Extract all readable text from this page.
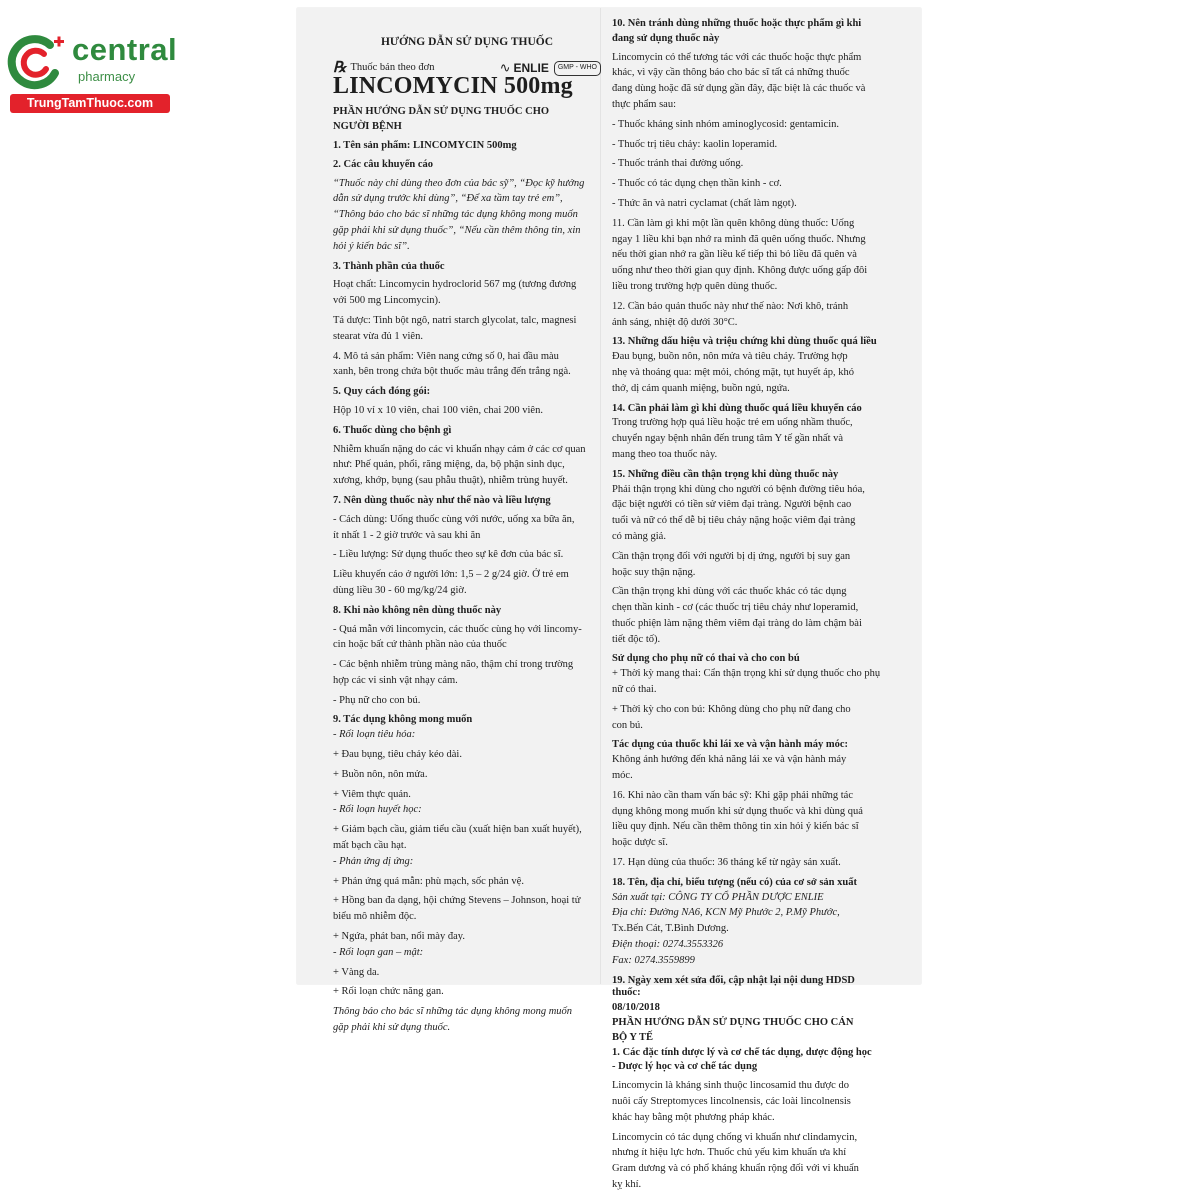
central
pharmacy
TrungTamThuoc.com
HƯỚNG DẪN SỬ DỤNG THUỐC
℞ Thuốc bán theo đơn	∿ ENLIE	GMP - WHO
LINCOMYCIN 500mg
PHẦN HƯỚNG DẪN SỬ DỤNG THUỐC CHO
NGƯỜI BỆNH
1. Tên sản phẩm: LINCOMYCIN 500mg
2. Các câu khuyến cáo
“Thuốc này chỉ dùng theo đơn của bác sỹ”, “Đọc kỹ hướng
dẫn sử dụng trước khi dùng”, “Để xa tầm tay trẻ em”,
“Thông báo cho bác sĩ những tác dụng không mong muốn
gặp phải khi sử dụng thuốc”, “Nếu cần thêm thông tin, xin
hỏi ý kiến bác sĩ”.
3. Thành phần của thuốc
Hoạt chất: Lincomycin hydroclorid 567 mg (tương đương
với 500 mg Lincomycin).
Tá dược: Tinh bột ngô, natri starch glycolat, talc, magnesi
stearat vừa đủ 1 viên.
4. Mô tả sản phẩm: Viên nang cứng số 0, hai đầu màu
xanh, bên trong chứa bột thuốc màu trắng đến trắng ngà.
5. Quy cách đóng gói:
Hộp 10 vỉ x 10 viên, chai 100 viên, chai 200 viên.
6. Thuốc dùng cho bệnh gì
Nhiễm khuẩn nặng do các vi khuẩn nhạy cảm ở các cơ quan
như: Phế quản, phổi, răng miệng, da, bộ phận sinh dục,
xương, khớp, bụng (sau phẫu thuật), nhiễm trùng huyết.
7. Nên dùng thuốc này như thế nào và liều lượng
- Cách dùng: Uống thuốc cùng với nước, uống xa bữa ăn,
ít nhất 1 - 2 giờ trước và sau khi ăn
- Liều lượng: Sử dụng thuốc theo sự kê đơn của bác sĩ.
Liều khuyến cáo ở người lớn: 1,5 – 2 g/24 giờ. Ở trẻ em
dùng liều 30 - 60 mg/kg/24 giờ.
8. Khi nào không nên dùng thuốc này
- Quá mẫn với lincomycin, các thuốc cùng họ với lincomy-
cin hoặc bất cứ thành phần nào của thuốc
- Các bệnh nhiễm trùng màng não, thậm chí trong trường
hợp các vi sinh vật nhạy cảm.
- Phụ nữ cho con bú.
9. Tác dụng không mong muốn
- Rối loạn tiêu hóa:
+ Đau bụng, tiêu chảy kéo dài.
+ Buồn nôn, nôn mửa.
+ Viêm thực quản.
- Rối loạn huyết học:
+ Giảm bạch cầu, giảm tiểu cầu (xuất hiện ban xuất huyết),
mất bạch cầu hạt.
- Phản ứng dị ứng:
+ Phản ứng quá mẫn: phù mạch, sốc phản vệ.
+ Hồng ban đa dạng, hội chứng Stevens – Johnson, hoại tử
biểu mô nhiễm độc.
+ Ngứa, phát ban, nổi mày đay.
- Rối loạn gan – mật:
+ Vàng da.
+ Rối loạn chức năng gan.
Thông báo cho bác sĩ những tác dụng không mong muốn
gặp phải khi sử dụng thuốc.
10. Nên tránh dùng những thuốc hoặc thực phẩm gì khi
đang sử dụng thuốc này
Lincomycin có thể tương tác với các thuốc hoặc thực phẩm
khác, vì vậy cần thông báo cho bác sĩ tất cả những thuốc
đang dùng hoặc đã sử dụng gần đây, đặc biệt là các thuốc và
thực phẩm sau:
- Thuốc kháng sinh nhóm aminoglycosid: gentamicin.
- Thuốc trị tiêu chảy: kaolin loperamid.
- Thuốc tránh thai đường uống.
- Thuốc có tác dụng chẹn thần kinh - cơ.
- Thức ăn và natri cyclamat (chất làm ngọt).
11. Cần làm gì khi một lần quên không dùng thuốc: Uống
ngay 1 liều khi bạn nhớ ra mình đã quên uống thuốc. Nhưng
nếu thời gian nhớ ra gần liều kế tiếp thì bỏ liều đã quên và
uống như theo thời gian quy định. Không được uống gấp đôi
liều trong trường hợp quên dùng thuốc.
12. Cần bảo quản thuốc này như thế nào: Nơi khô, tránh
ánh sáng, nhiệt độ dưới 30°C.
13. Những dấu hiệu và triệu chứng khi dùng thuốc quá liều
Đau bụng, buồn nôn, nôn mửa và tiêu chảy. Trường hợp
nhẹ và thoáng qua: mệt mỏi, chóng mặt, tụt huyết áp, khó
thở, dị cảm quanh miệng, buồn ngủ, ngứa.
14. Cần phải làm gì khi dùng thuốc quá liều khuyến cáo
Trong trường hợp quá liều hoặc trẻ em uống nhầm thuốc,
chuyển ngay bệnh nhân đến trung tâm Y tế gần nhất và
mang theo toa thuốc này.
15. Những điều cần thận trọng khi dùng thuốc này
Phải thận trọng khi dùng cho người có bệnh đường tiêu hóa,
đặc biệt người có tiền sử viêm đại tràng. Người bệnh cao
tuổi và nữ có thể dễ bị tiêu chảy nặng hoặc viêm đại tràng
có màng giả.
Cần thận trọng đối với người bị dị ứng, người bị suy gan
hoặc suy thận nặng.
Cần thận trọng khi dùng với các thuốc khác có tác dụng
chẹn thần kinh - cơ (các thuốc trị tiêu chảy như loperamid,
thuốc phiện làm nặng thêm viêm đại tràng do làm chậm bài
tiết độc tố).
Sử dụng cho phụ nữ có thai và cho con bú
+ Thời kỳ mang thai: Cẩn thận trọng khi sử dụng thuốc cho phụ
nữ có thai.
+ Thời kỳ cho con bú: Không dùng cho phụ nữ đang cho
con bú.
Tác dụng của thuốc khi lái xe và vận hành máy móc:
Không ảnh hưởng đến khả năng lái xe và vận hành máy
móc.
16. Khi nào cần tham vấn bác sỹ: Khi gặp phải những tác
dụng không mong muốn khi sử dụng thuốc và khi dùng quá
liều quy định. Nếu cần thêm thông tin xin hỏi ý kiến bác sĩ
hoặc dược sĩ.
17. Hạn dùng của thuốc: 36 tháng kể từ ngày sản xuất.
18. Tên, địa chỉ, biểu tượng (nếu có) của cơ sở sản xuất
Sản xuất tại: CÔNG TY CỔ PHẦN DƯỢC ENLIE
Địa chỉ: Đường NA6, KCN Mỹ Phước 2, P.Mỹ Phước,
Tx.Bến Cát, T.Bình Dương.
Điện thoại: 0274.3553326
Fax: 0274.3559899
19. Ngày xem xét sửa đổi, cập nhật lại nội dung HDSD thuốc:
08/10/2018
PHẦN HƯỚNG DẪN SỬ DỤNG THUỐC CHO CÁN
BỘ Y TẾ
1. Các đặc tính dược lý và cơ chế tác dụng, dược động học
- Dược lý học và cơ chế tác dụng
Lincomycin là kháng sinh thuộc lincosamid thu được do
nuôi cấy Streptomyces lincolnensis, các loài lincolnensis
khác hay bằng một phương pháp khác.
Lincomycin có tác dụng chống vi khuẩn như clindamycin,
nhưng ít hiệu lực hơn. Thuốc chủ yếu kìm khuẩn ưa khí
Gram dương và có phổ kháng khuẩn rộng đối với vi khuẩn
kỵ khí.
